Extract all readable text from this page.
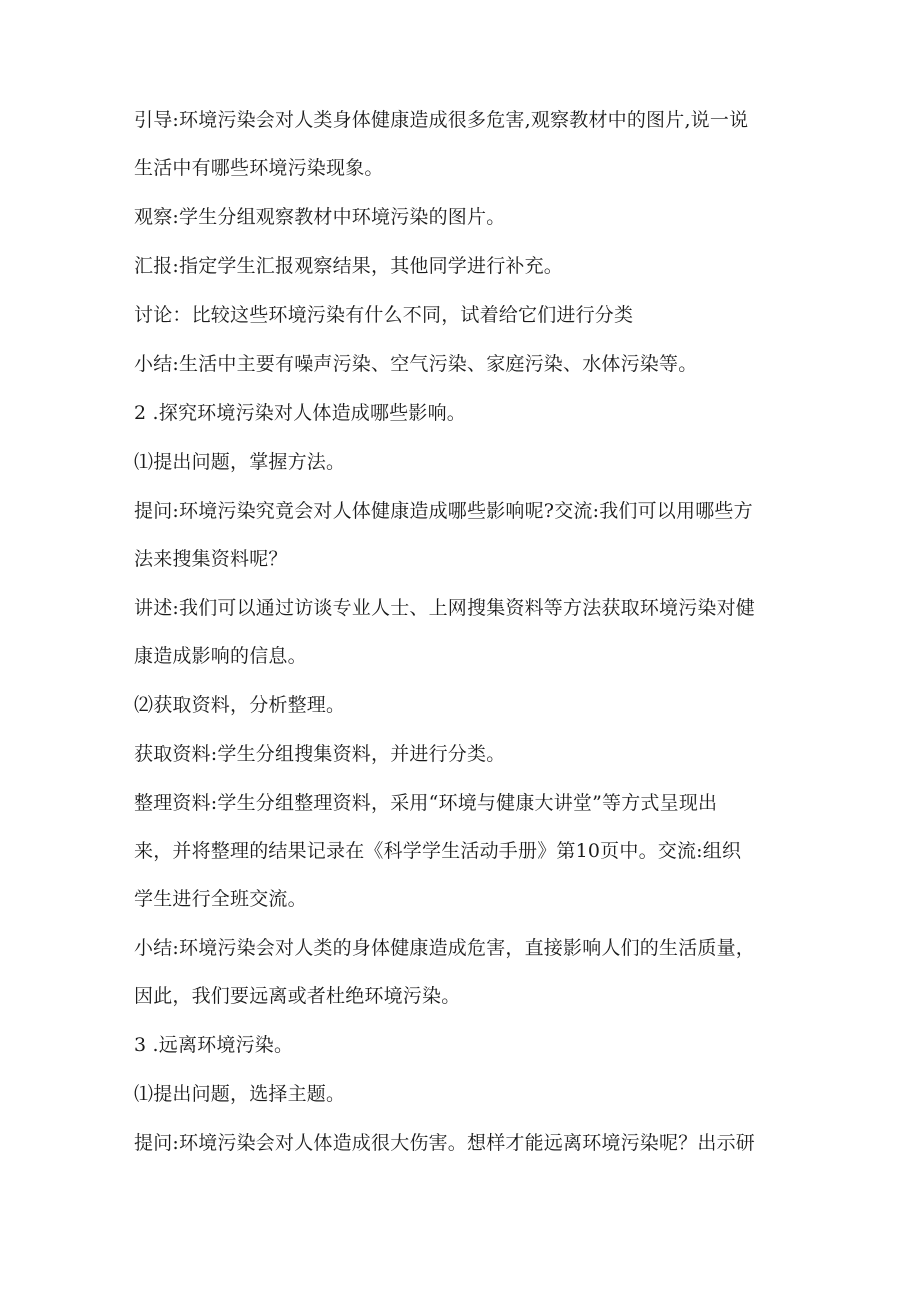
引导:环境污染会对人类身体健康造成很多危害,观察教材中的图片,说一说

生活中有哪些环境污染现象。

观察:学生分组观察教材中环境污染的图片。

汇报:指定学生汇报观察结果，其他同学进行补充。

讨论：比较这些环境污染有什么不同，试着给它们进行分类

小结:生活中主要有噪声污染、空气污染、家庭污染、水体污染等。

2 .探究环境污染对人体造成哪些影响。

⑴提出问题，掌握方法。

提问:环境污染究竟会对人体健康造成哪些影响呢?交流:我们可以用哪些方

法来搜集资料呢？

讲述:我们可以通过访谈专业人士、上网搜集资料等方法获取环境污染对健

康造成影响的信息。

⑵获取资料，分析整理。

获取资料:学生分组搜集资料，并进行分类。

整理资料:学生分组整理资料，采用“环境与健康大讲堂”等方式呈现出

来，并将整理的结果记录在《科学学生活动手册》第10页中。交流:组织

学生进行全班交流。

小结:环境污染会对人类的身体健康造成危害，直接影响人们的生活质量，

因此，我们要远离或者杜绝环境污染。

3 .远离环境污染。

⑴提出问题，选择主题。

提问:环境污染会对人体造成很大伤害。想样才能远离环境污染呢？出示研
